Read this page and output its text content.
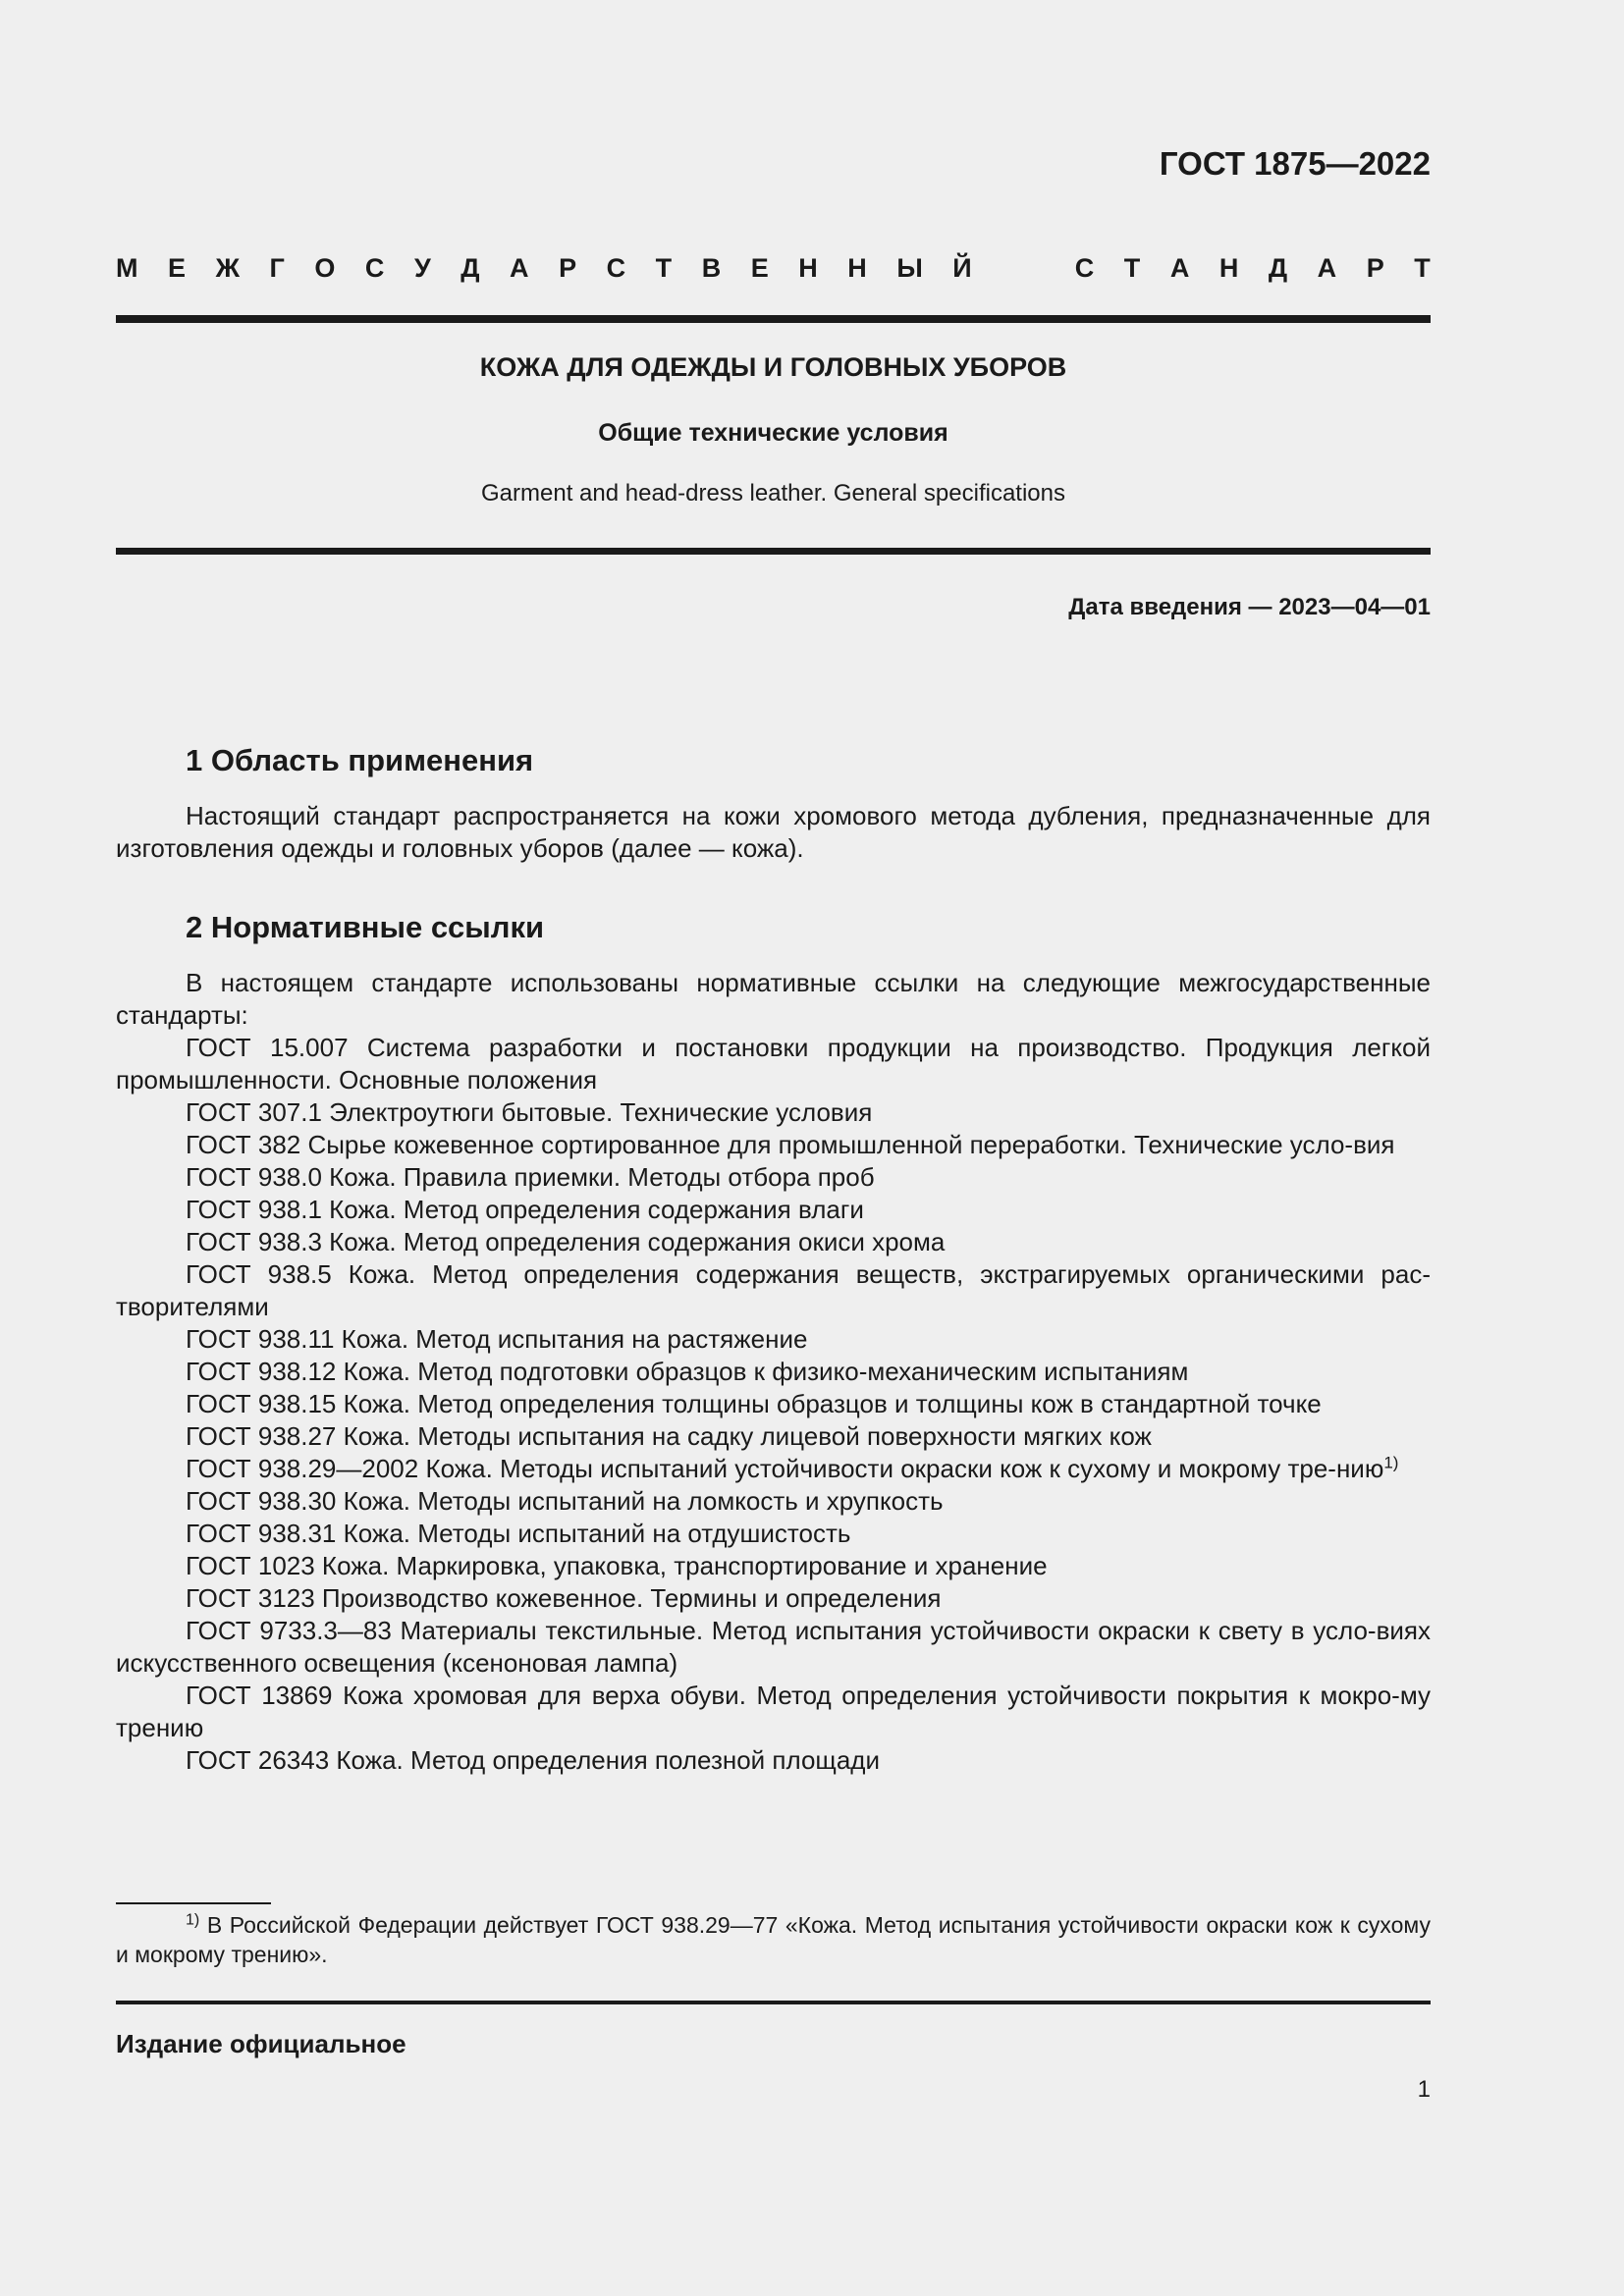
ГОСТ 1875—2022
М Е Ж Г О С У Д А Р С Т В Е Н Н Ы Й	С Т А Н Д А Р Т
КОЖА ДЛЯ ОДЕЖДЫ И ГОЛОВНЫХ УБОРОВ
Общие технические условия
Garment and head-dress leather. General specifications
Дата введения — 2023—04—01
1 Область применения
Настоящий стандарт распространяется на кожи хромового метода дубления, предназначенные для изготовления одежды и головных уборов (далее — кожа).
2 Нормативные ссылки
В настоящем стандарте использованы нормативные ссылки на следующие межгосударственные стандарты:
ГОСТ 15.007 Система разработки и постановки продукции на производство. Продукция легкой промышленности. Основные положения
ГОСТ 307.1 Электроутюги бытовые. Технические условия
ГОСТ 382 Сырье кожевенное сортированное для промышленной переработки. Технические усло-вия
ГОСТ 938.0 Кожа. Правила приемки. Методы отбора проб
ГОСТ 938.1 Кожа. Метод определения содержания влаги
ГОСТ 938.3 Кожа. Метод определения содержания окиси хрома
ГОСТ 938.5 Кожа. Метод определения содержания веществ, экстрагируемых органическими рас-творителями
ГОСТ 938.11 Кожа. Метод испытания на растяжение
ГОСТ 938.12 Кожа. Метод подготовки образцов к физико-механическим испытаниям
ГОСТ 938.15 Кожа. Метод определения толщины образцов и толщины кож в стандартной точке
ГОСТ 938.27 Кожа. Методы испытания на садку лицевой поверхности мягких кож
ГОСТ 938.29—2002 Кожа. Методы испытаний устойчивости окраски кож к сухому и мокрому тре-нию$^{1)}$
ГОСТ 938.30 Кожа. Методы испытаний на ломкость и хрупкость
ГОСТ 938.31 Кожа. Методы испытаний на отдушистость
ГОСТ 1023 Кожа. Маркировка, упаковка, транспортирование и хранение
ГОСТ 3123 Производство кожевенное. Термины и определения
ГОСТ 9733.3—83 Материалы текстильные. Метод испытания устойчивости окраски к свету в усло-виях искусственного освещения (ксеноновая лампа)
ГОСТ 13869 Кожа хромовая для верха обуви. Метод определения устойчивости покрытия к мокро-му трению
ГОСТ 26343 Кожа. Метод определения полезной площади
$^{1)}$ В Российской Федерации действует ГОСТ 938.29—77 «Кожа. Метод испытания устойчивости окраски кож к сухому и мокрому трению».
Издание официальное
1
